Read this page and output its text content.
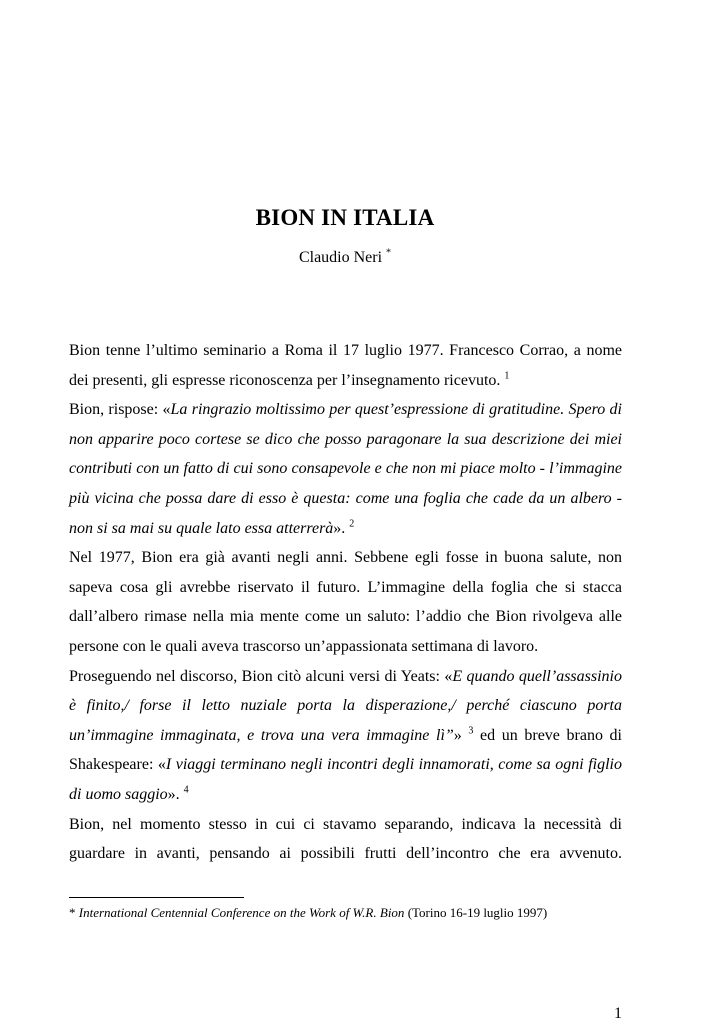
BION IN ITALIA
Claudio Neri *

Bion tenne l’ultimo seminario a Roma il 17 luglio 1977. Francesco Corrao, a nome dei presenti, gli espresse riconoscenza per l’insegnamento ricevuto. $^1$

Bion, rispose: «La ringrazio moltissimo per quest’espressione di gratitudine. Spero di non apparire poco cortese se dico che posso paragonare la sua descrizione dei miei contributi con un fatto di cui sono consapevole e che non mi piace molto - l’immagine più vicina che possa dare di esso è questa: come una foglia che cade da un albero - non si sa mai su quale lato essa atterrerà». $^2$

Nel 1977, Bion era già avanti negli anni. Sebbene egli fosse in buona salute, non sapeva cosa gli avrebbe riservato il futuro. L’immagine della foglia che si stacca dall’albero rimase nella mia mente come un saluto: l’addio che Bion rivolgeva alle persone con le quali aveva trascorso un’appassionata settimana di lavoro.

Proseguendo nel discorso, Bion citò alcuni versi di Yeats: «E quando quell’assassinio è finito,/ forse il letto nuziale porta la disperazione,/ perché ciascuno porta un’immagine immaginata, e trova una vera immagine lì”» $^3$ ed un breve brano di Shakespeare: «I viaggi terminano negli incontri degli innamorati, come sa ogni figlio di uomo saggio». $^4$

Bion, nel momento stesso in cui ci stavamo separando, indicava la necessità di guardare in avanti, pensando ai possibili frutti dell’incontro che era avvenuto.

* International Centennial Conference on the Work of W.R. Bion (Torino 16-19 luglio 1997)
1
